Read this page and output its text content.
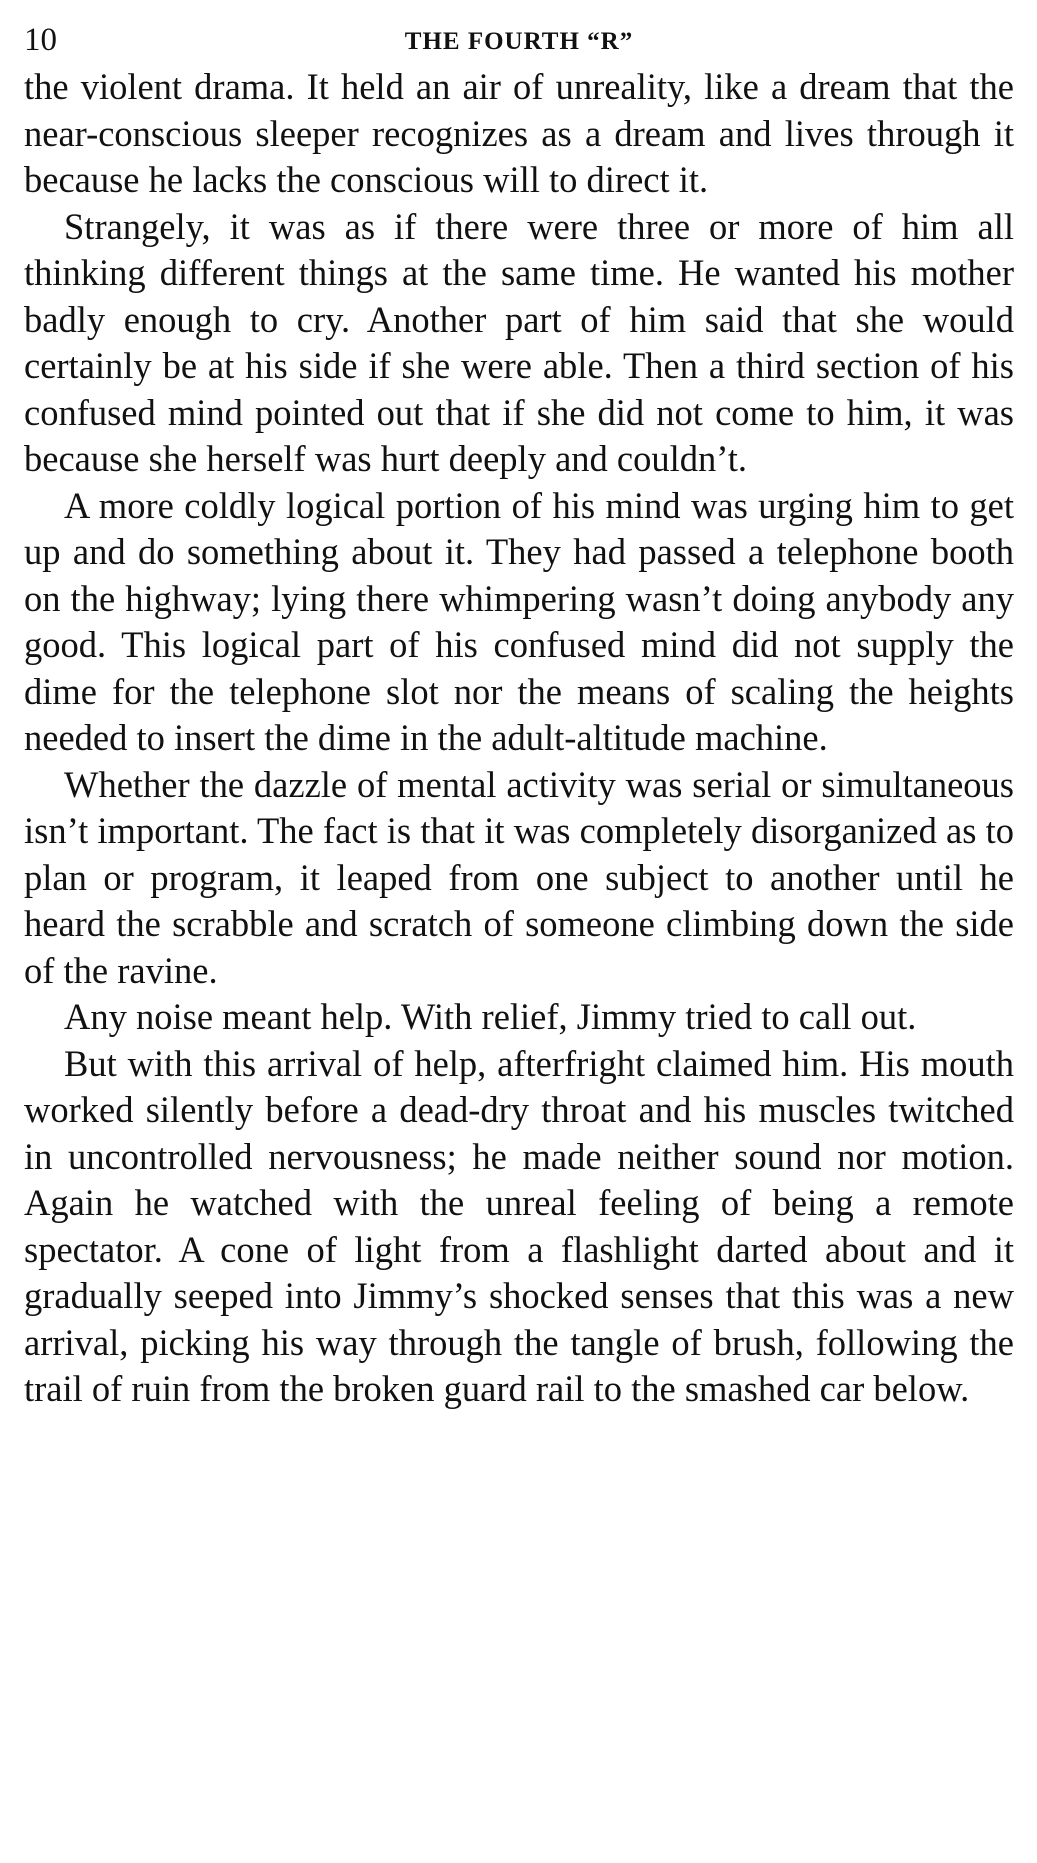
10	THE FOURTH “R”

the violent drama. It held an air of unreality, like a dream that the near-conscious sleeper recognizes as a dream and lives through it because he lacks the conscious will to direct it.

Strangely, it was as if there were three or more of him all thinking different things at the same time. He wanted his mother badly enough to cry. Another part of him said that she would certainly be at his side if she were able. Then a third section of his confused mind pointed out that if she did not come to him, it was because she herself was hurt deeply and couldn’t.

A more coldly logical portion of his mind was urging him to get up and do something about it. They had passed a telephone booth on the highway; lying there whimpering wasn’t doing anybody any good. This logical part of his confused mind did not supply the dime for the telephone slot nor the means of scaling the heights needed to insert the dime in the adult-altitude machine.

Whether the dazzle of mental activity was serial or simultaneous isn’t important. The fact is that it was completely disorganized as to plan or program, it leaped from one subject to another until he heard the scrabble and scratch of someone climbing down the side of the ravine.

Any noise meant help. With relief, Jimmy tried to call out.

But with this arrival of help, afterfright claimed him. His mouth worked silently before a dead-dry throat and his muscles twitched in uncontrolled nervousness; he made neither sound nor motion. Again he watched with the unreal feeling of being a remote spectator. A cone of light from a flashlight darted about and it gradually seeped into Jimmy’s shocked senses that this was a new arrival, picking his way through the tangle of brush, following the trail of ruin from the broken guard rail to the smashed car below.
